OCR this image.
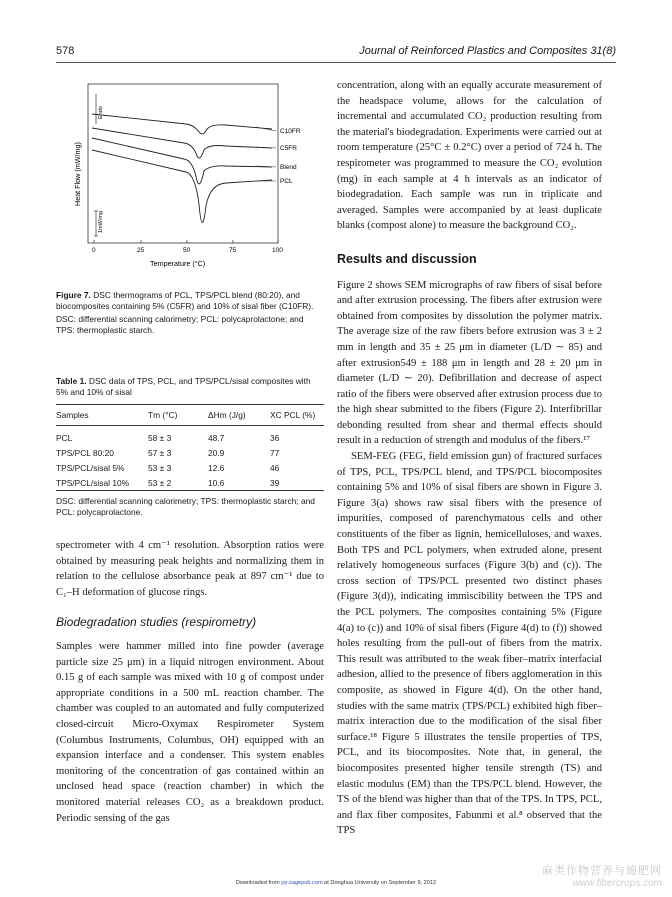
578	Journal of Reinforced Plastics and Composites 31(8)
0	25	50	75	100
Temperature (°C)
Heat Flow (mW/mg)
Endo
1mW/mg
C10FR
C5FR
Blend
PCL
Figure 7. DSC thermograms of PCL, TPS/PCL blend (80:20), and biocomposites containing 5% (C5FR) and 10% of sisal fiber (C10FR).
DSC: differential scanning calorimetry; PCL: polycaprolactone; and TPS: thermoplastic starch.
Table 1. DSC data of TPS, PCL, and TPS/PCL/sisal composites with 5% and 10% of sisal
Samples	Tm (°C)	ΔHm (J/g)	XC PCL (%)
PCL	58 ± 3	48.7	36
TPS/PCL 80:20	57 ± 3	20.9	77
TPS/PCL/sisal 5%	53 ± 3	12.6	46
TPS/PCL/sisal 10%	53 ± 2	10.6	39
DSC: differential scanning calorimetry; TPS: thermoplastic starch; and PCL: polycaprolactone.

spectrometer with 4 cm⁻¹ resolution. Absorption ratios were obtained by measuring peak heights and normalizing them in relation to the cellulose absorbance peak at 897 cm⁻¹ due to C₁–H deformation of glucose rings.

Biodegradation studies (respirometry)

Samples were hammer milled into fine powder (average particle size 25 μm) in a liquid nitrogen environment. About 0.15 g of each sample was mixed with 10 g of compost under appropriate conditions in a 500 mL reaction chamber. The chamber was coupled to an automated and fully computerized closed-circuit Micro-Oxymax Respirometer System (Columbus Instruments, Columbus, OH) equipped with an expansion interface and a condenser. This system enables monitoring of the concentration of gas contained within an unclosed head space (reaction chamber) in which the monitored material releases CO₂ as a breakdown product. Periodic sensing of the gas

concentration, along with an equally accurate measurement of the headspace volume, allows for the calculation of incremental and accumulated CO₂ production resulting from the material's biodegradation. Experiments were carried out at room temperature (25°C ± 0.2°C) over a period of 724 h. The respirometer was programmed to measure the CO₂ evolution (mg) in each sample at 4 h intervals as an indicator of biodegradation. Each sample was run in triplicate and averaged. Samples were accompanied by at least duplicate blanks (compost alone) to measure the background CO₂.

Results and discussion

Figure 2 shows SEM micrographs of raw fibers of sisal before and after extrusion processing. The fibers after extrusion were obtained from composites by dissolution the polymer matrix. The average size of the raw fibers before extrusion was 3 ± 2 mm in length and 35 ± 25 μm in diameter (L/D ∼ 85) and after extrusion549 ± 188 μm in length and 28 ± 20 μm in diameter (L/D ∼ 20). Defibrillation and decrease of aspect ratio of the fibers were observed after extrusion process due to the high shear submitted to the fibers (Figure 2). Interfibrillar debonding resulted from shear and thermal effects should result in a reduction of strength and modulus of the fibers.¹⁷

SEM-FEG (FEG, field emission gun) of fractured surfaces of TPS, PCL, TPS/PCL blend, and TPS/PCL biocomposites containing 5% and 10% of sisal fibers are shown in Figure 3. Figure 3(a) shows raw sisal fibers with the presence of impurities, composed of parenchymatous cells and other constituents of the fiber as lignin, hemicelluloses, and waxes. Both TPS and PCL polymers, when extruded alone, present relatively homogeneous surfaces (Figure 3(b) and (c)). The cross section of TPS/PCL presented two distinct phases (Figure 3(d)), indicating immiscibility between the TPS and the PCL polymers. The composites containing 5% (Figure 4(a) to (c)) and 10% of sisal fibers (Figure 4(d) to (f)) showed holes resulting from the pull-out of fibers from the matrix. This result was attributed to the weak fiber–matrix interfacial adhesion, allied to the presence of fibers agglomeration in this composite, as showed in Figure 4(d). On the other hand, studies with the same matrix (TPS/PCL) exhibited high fiber–matrix interaction due to the modification of the sisal fiber surface.¹⁸ Figure 5 illustrates the tensile properties of TPS, PCL, and its biocomposites. Note that, in general, the biocomposites presented higher tensile strength (TS) and elastic modulus (EM) than the TPS/PCL blend. However, the TS of the blend was higher than that of the TPS. In TPS, PCL, and flax fiber composites, Fabunmi et al.⁸ observed that the TPS

Downloaded from jrp.sagepub.com at Donghua University on September 9, 2012
麻类作物营养与施肥网
www.fibercrops.com
